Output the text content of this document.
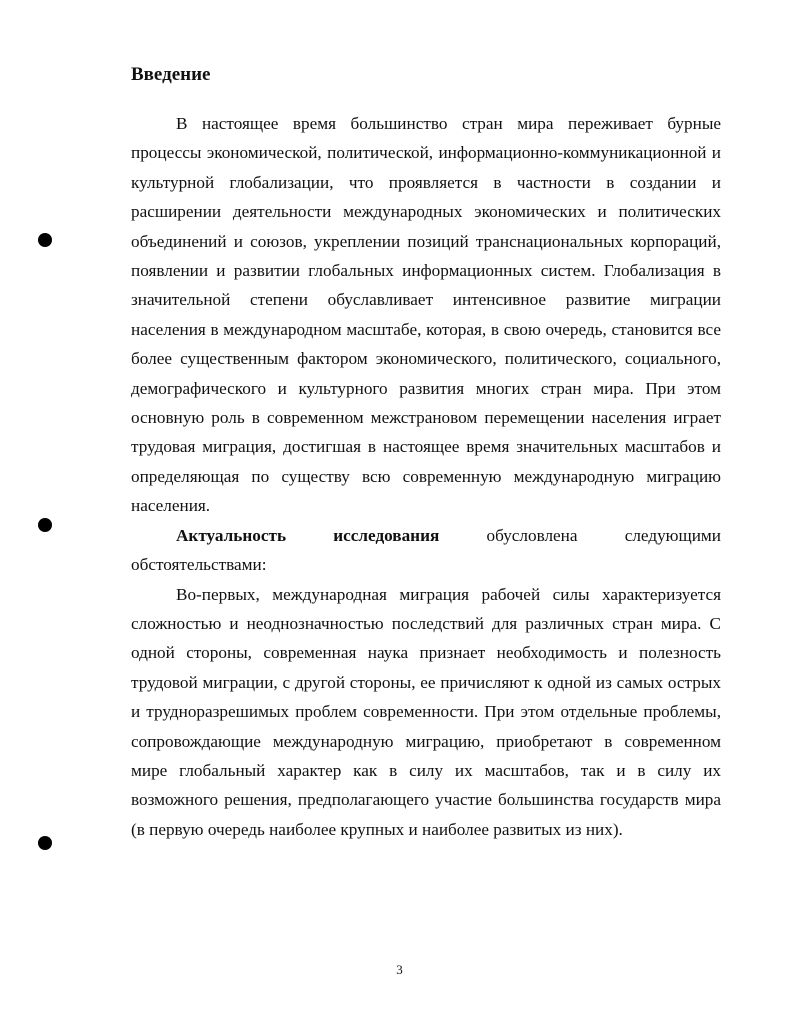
Введение

В настоящее время большинство стран мира переживает бурные процессы экономической, политической, информационно-коммуникационной и культурной глобализации, что проявляется в частности в создании и расширении деятельности международных экономических и политических объединений и союзов, укреплении позиций транснациональных корпораций, появлении и развитии глобальных информационных систем. Глобализация в значительной степени обуславливает интенсивное развитие миграции населения в международном масштабе, которая, в свою очередь, становится все более существенным фактором экономического, политического, социального, демографического и культурного развития многих стран мира. При этом основную роль в современном межстрановом перемещении населения играет трудовая миграция, достигшая в настоящее время значительных масштабов и определяющая по существу всю современную международную миграцию населения.

Актуальность исследования обусловлена следующими обстоятельствами:

Во-первых, международная миграция рабочей силы характеризуется сложностью и неоднозначностью последствий для различных стран мира. С одной стороны, современная наука признает необходимость и полезность трудовой миграции, с другой стороны, ее причисляют к одной из самых острых и трудноразрешимых проблем современности. При этом отдельные проблемы, сопровождающие международную миграцию, приобретают в современном мире глобальный характер как в силу их масштабов, так и в силу их возможного решения, предполагающего участие большинства государств мира (в первую очередь наиболее крупных и наиболее развитых из них).

3
